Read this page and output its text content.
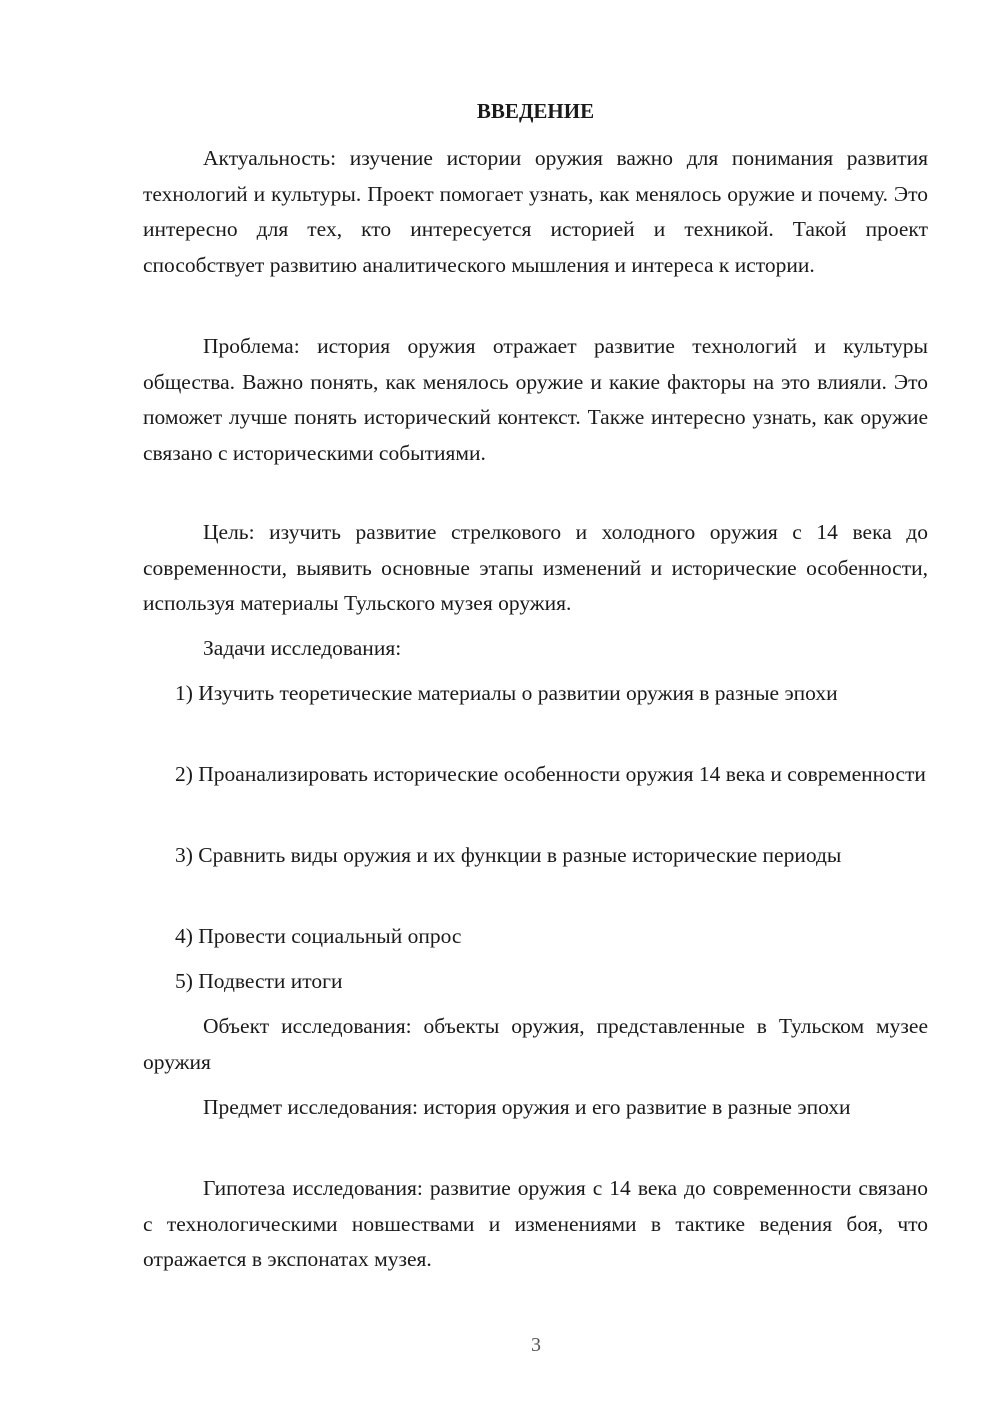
ВВЕДЕНИЕ

Актуальность: изучение истории оружия важно для понимания развития технологий и культуры. Проект помогает узнать, как менялось оружие и почему. Это интересно для тех, кто интересуется историей и техникой. Такой проект способствует развитию аналитического мышления и интереса к истории.

Проблема: история оружия отражает развитие технологий и культуры общества. Важно понять, как менялось оружие и какие факторы на это влияли. Это поможет лучше понять исторический контекст. Также интересно узнать, как оружие связано с историческими событиями.

Цель: изучить развитие стрелкового и холодного оружия с 14 века до современности, выявить основные этапы изменений и исторические особенности, используя материалы Тульского музея оружия.

Задачи исследования:

1) Изучить теоретические материалы о развитии оружия в разные эпохи

2) Проанализировать исторические особенности оружия 14 века и современности

3) Сравнить виды оружия и их функции в разные исторические периоды

4) Провести социальный опрос

5) Подвести итоги

Объект исследования: объекты оружия, представленные в Тульском музее оружия

Предмет исследования: история оружия и его развитие в разные эпохи

Гипотеза исследования: развитие оружия с 14 века до современности связано с технологическими новшествами и изменениями в тактике ведения боя, что отражается в экспонатах музея.

3
